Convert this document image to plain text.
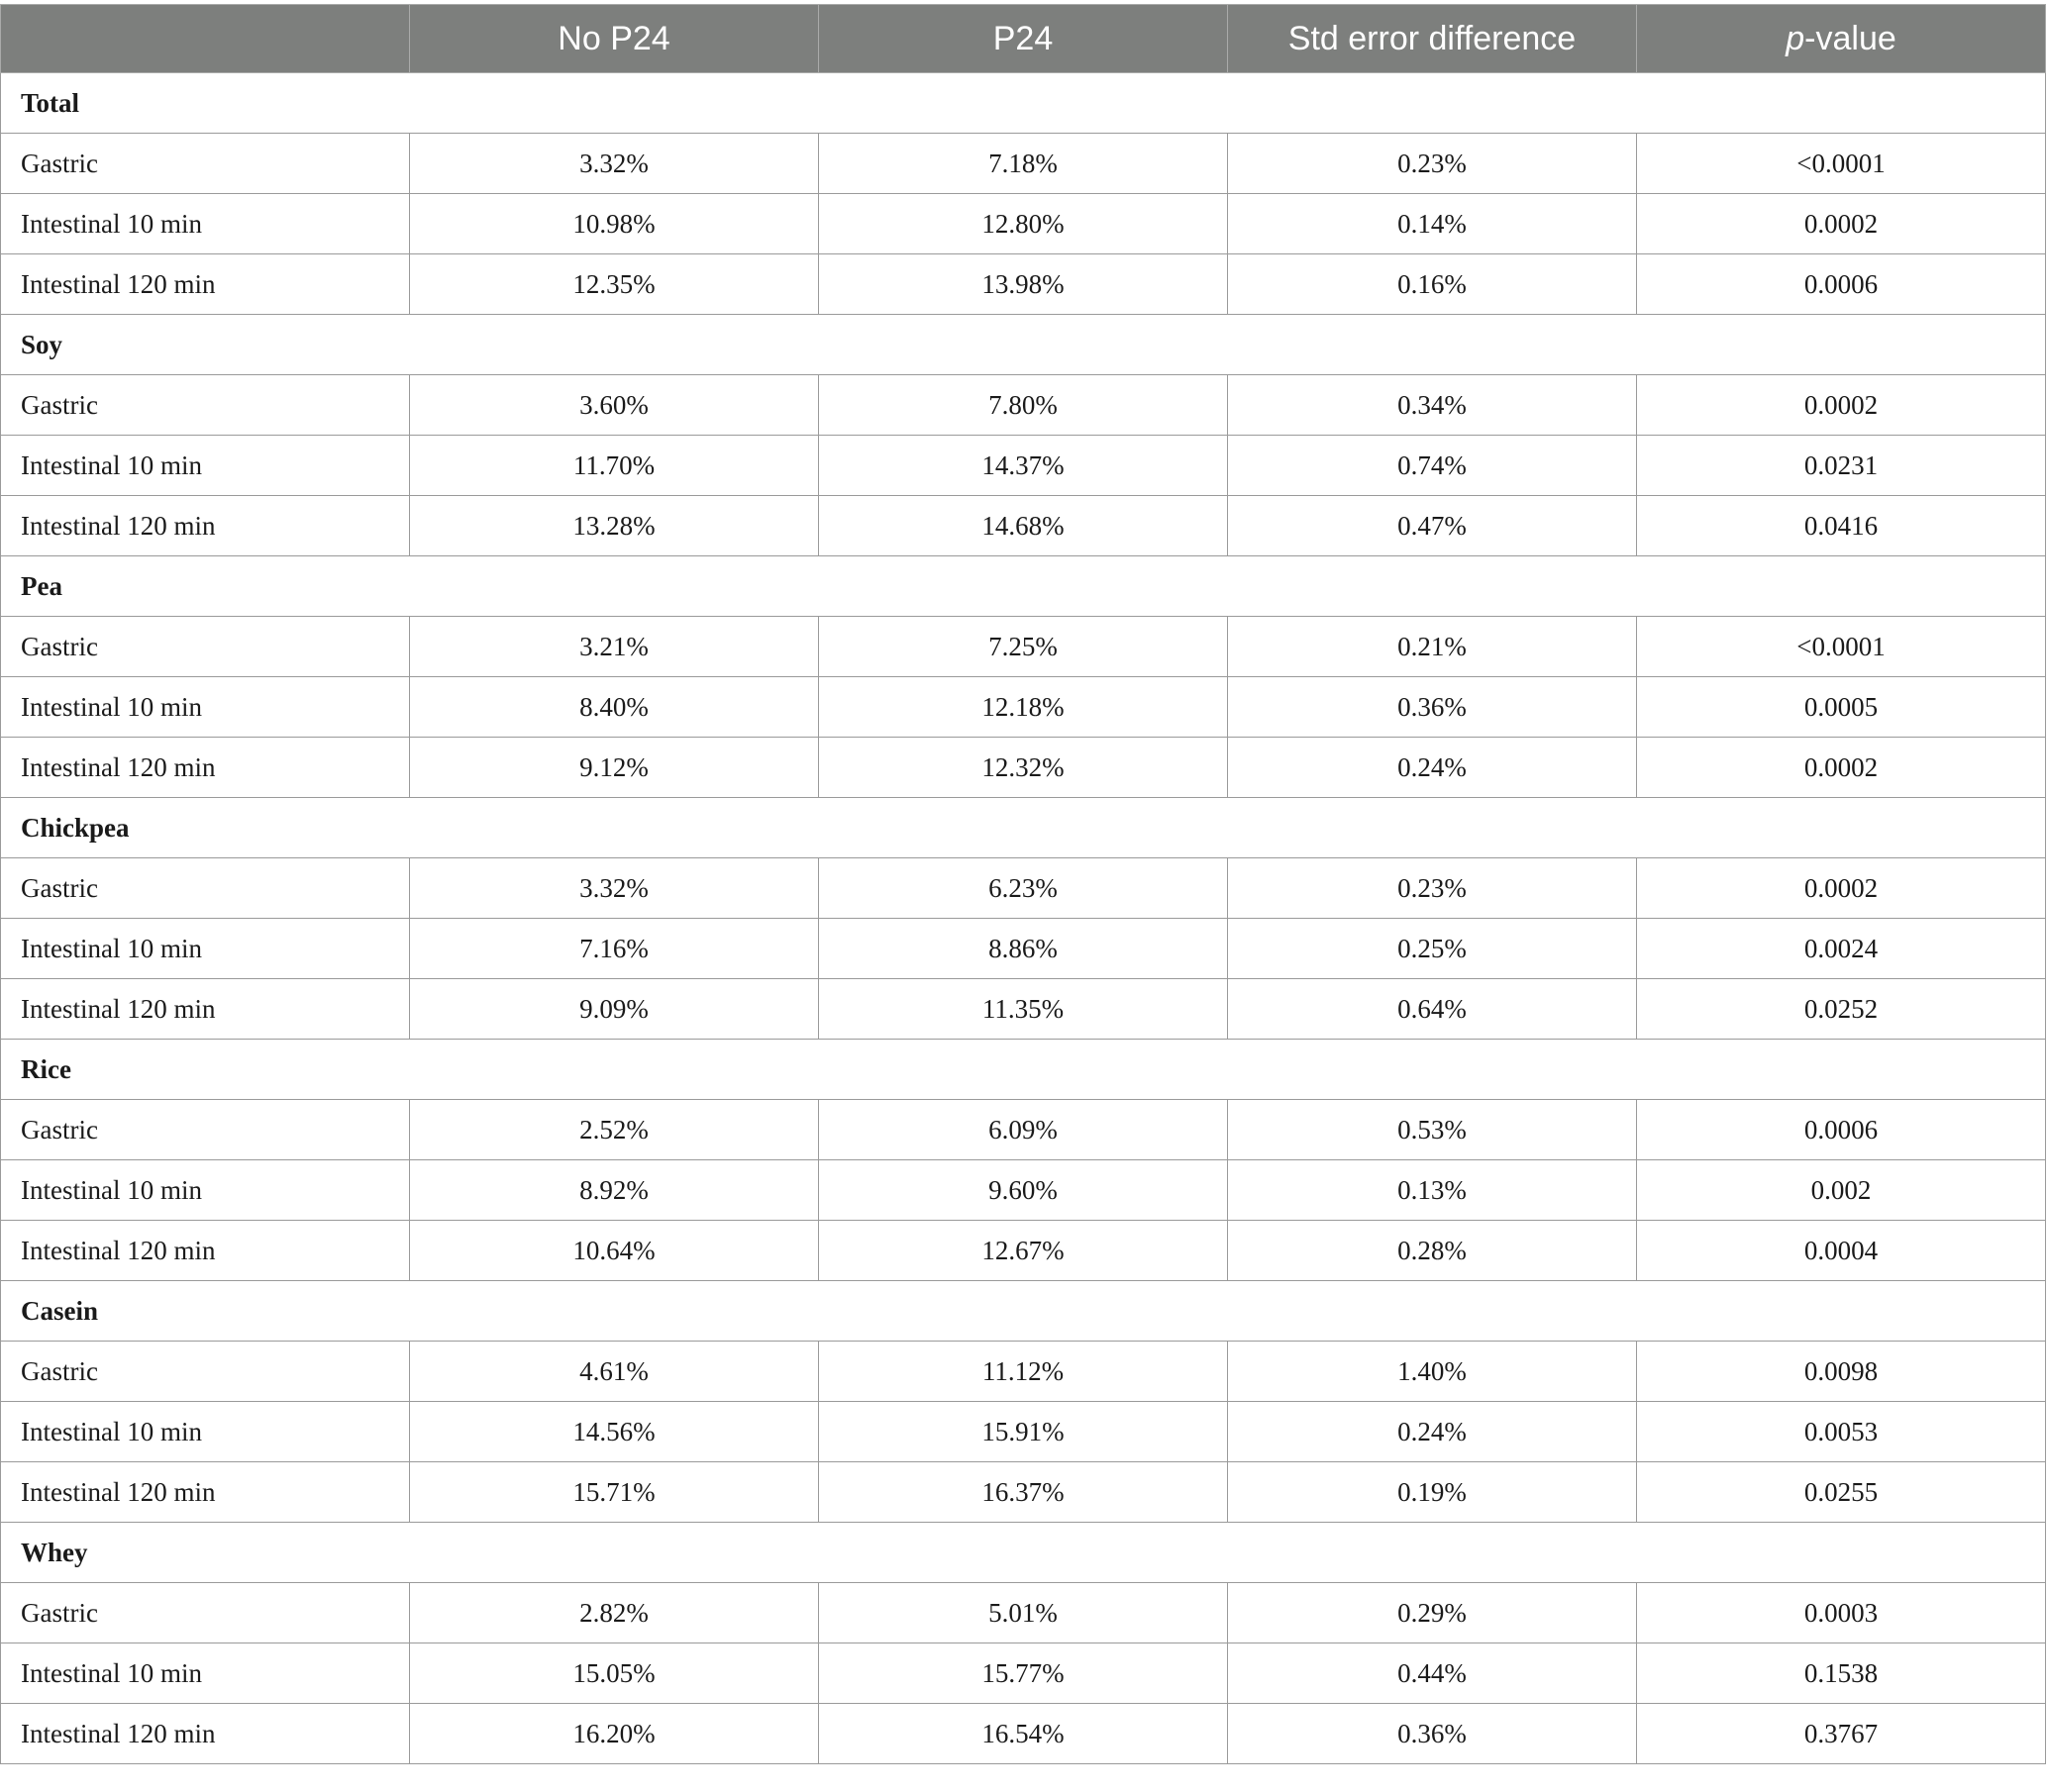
	No P24	P24	Std error difference	p-value
Total				
Gastric	3.32%	7.18%	0.23%	<0.0001
Intestinal 10 min	10.98%	12.80%	0.14%	0.0002
Intestinal 120 min	12.35%	13.98%	0.16%	0.0006
Soy				
Gastric	3.60%	7.80%	0.34%	0.0002
Intestinal 10 min	11.70%	14.37%	0.74%	0.0231
Intestinal 120 min	13.28%	14.68%	0.47%	0.0416
Pea				
Gastric	3.21%	7.25%	0.21%	<0.0001
Intestinal 10 min	8.40%	12.18%	0.36%	0.0005
Intestinal 120 min	9.12%	12.32%	0.24%	0.0002
Chickpea				
Gastric	3.32%	6.23%	0.23%	0.0002
Intestinal 10 min	7.16%	8.86%	0.25%	0.0024
Intestinal 120 min	9.09%	11.35%	0.64%	0.0252
Rice				
Gastric	2.52%	6.09%	0.53%	0.0006
Intestinal 10 min	8.92%	9.60%	0.13%	0.002
Intestinal 120 min	10.64%	12.67%	0.28%	0.0004
Casein				
Gastric	4.61%	11.12%	1.40%	0.0098
Intestinal 10 min	14.56%	15.91%	0.24%	0.0053
Intestinal 120 min	15.71%	16.37%	0.19%	0.0255
Whey				
Gastric	2.82%	5.01%	0.29%	0.0003
Intestinal 10 min	15.05%	15.77%	0.44%	0.1538
Intestinal 120 min	16.20%	16.54%	0.36%	0.3767
